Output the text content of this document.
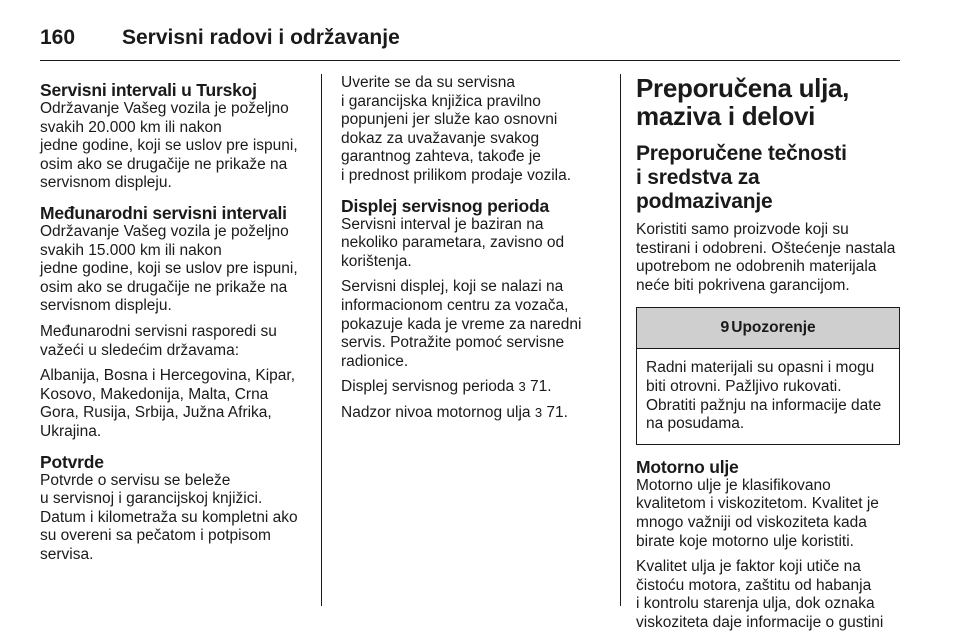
160	Servisni radovi i održavanje
Servisni intervali u Turskoj

Održavanje Vašeg vozila je poželjno
svakih 20.000 km ili nakon
jedne godine, koji se uslov pre ispuni,
osim ako se drugačije ne prikaže na
servisnom displeju.

Međunarodni servisni intervali

Održavanje Vašeg vozila je poželjno
svakih 15.000 km ili nakon
jedne godine, koji se uslov pre ispuni,
osim ako se drugačije ne prikaže na
servisnom displeju.

Međunarodni servisni rasporedi su
važeći u sledećim državama:

Albanija, Bosna i Hercegovina, Kipar,
Kosovo, Makedonija, Malta, Crna
Gora, Rusija, Srbija, Južna Afrika,
Ukrajina.

Potvrde

Potvrde o servisu se beleže
u servisnoj i garancijskoj knjižici.
Datum i kilometraža su kompletni ako
su overeni sa pečatom i potpisom
servisa.

Uverite se da su servisna
i garancijska knjižica pravilno
popunjeni jer služe kao osnovni
dokaz za uvažavanje svakog
garantnog zahteva, takođe je
i prednost prilikom prodaje vozila.

Displej servisnog perioda

Servisni interval je baziran na
nekoliko parametara, zavisno od
korištenja.

Servisni displej, koji se nalazi na
informacionom centru za vozača,
pokazuje kada je vreme za naredni
servis. Potražite pomoć servisne
radionice.

Displej servisnog perioda 3 71.

Nadzor nivoa motornog ulja 3 71.

Preporučena ulja,
maziva i delovi
Preporučene tečnosti
i sredstva za
podmazivanje

Koristiti samo proizvode koji su
testirani i odobreni. Oštećenje nastala
upotrebom ne odobrenih materijala
neće biti pokrivena garancijom.

9 Upozorenje

Radni materijali su opasni i mogu
biti otrovni. Pažljivo rukovati.
Obratiti pažnju na informacije date
na posudama.

Motorno ulje

Motorno ulje je klasifikovano
kvalitetom i viskozitetom. Kvalitet je
mnogo važniji od viskoziteta kada
birate koje motorno ulje koristiti.

Kvalitet ulja je faktor koji utiče na
čistoću motora, zaštitu od habanja
i kontrolu starenja ulja, dok oznaka
viskoziteta daje informacije o gustini
